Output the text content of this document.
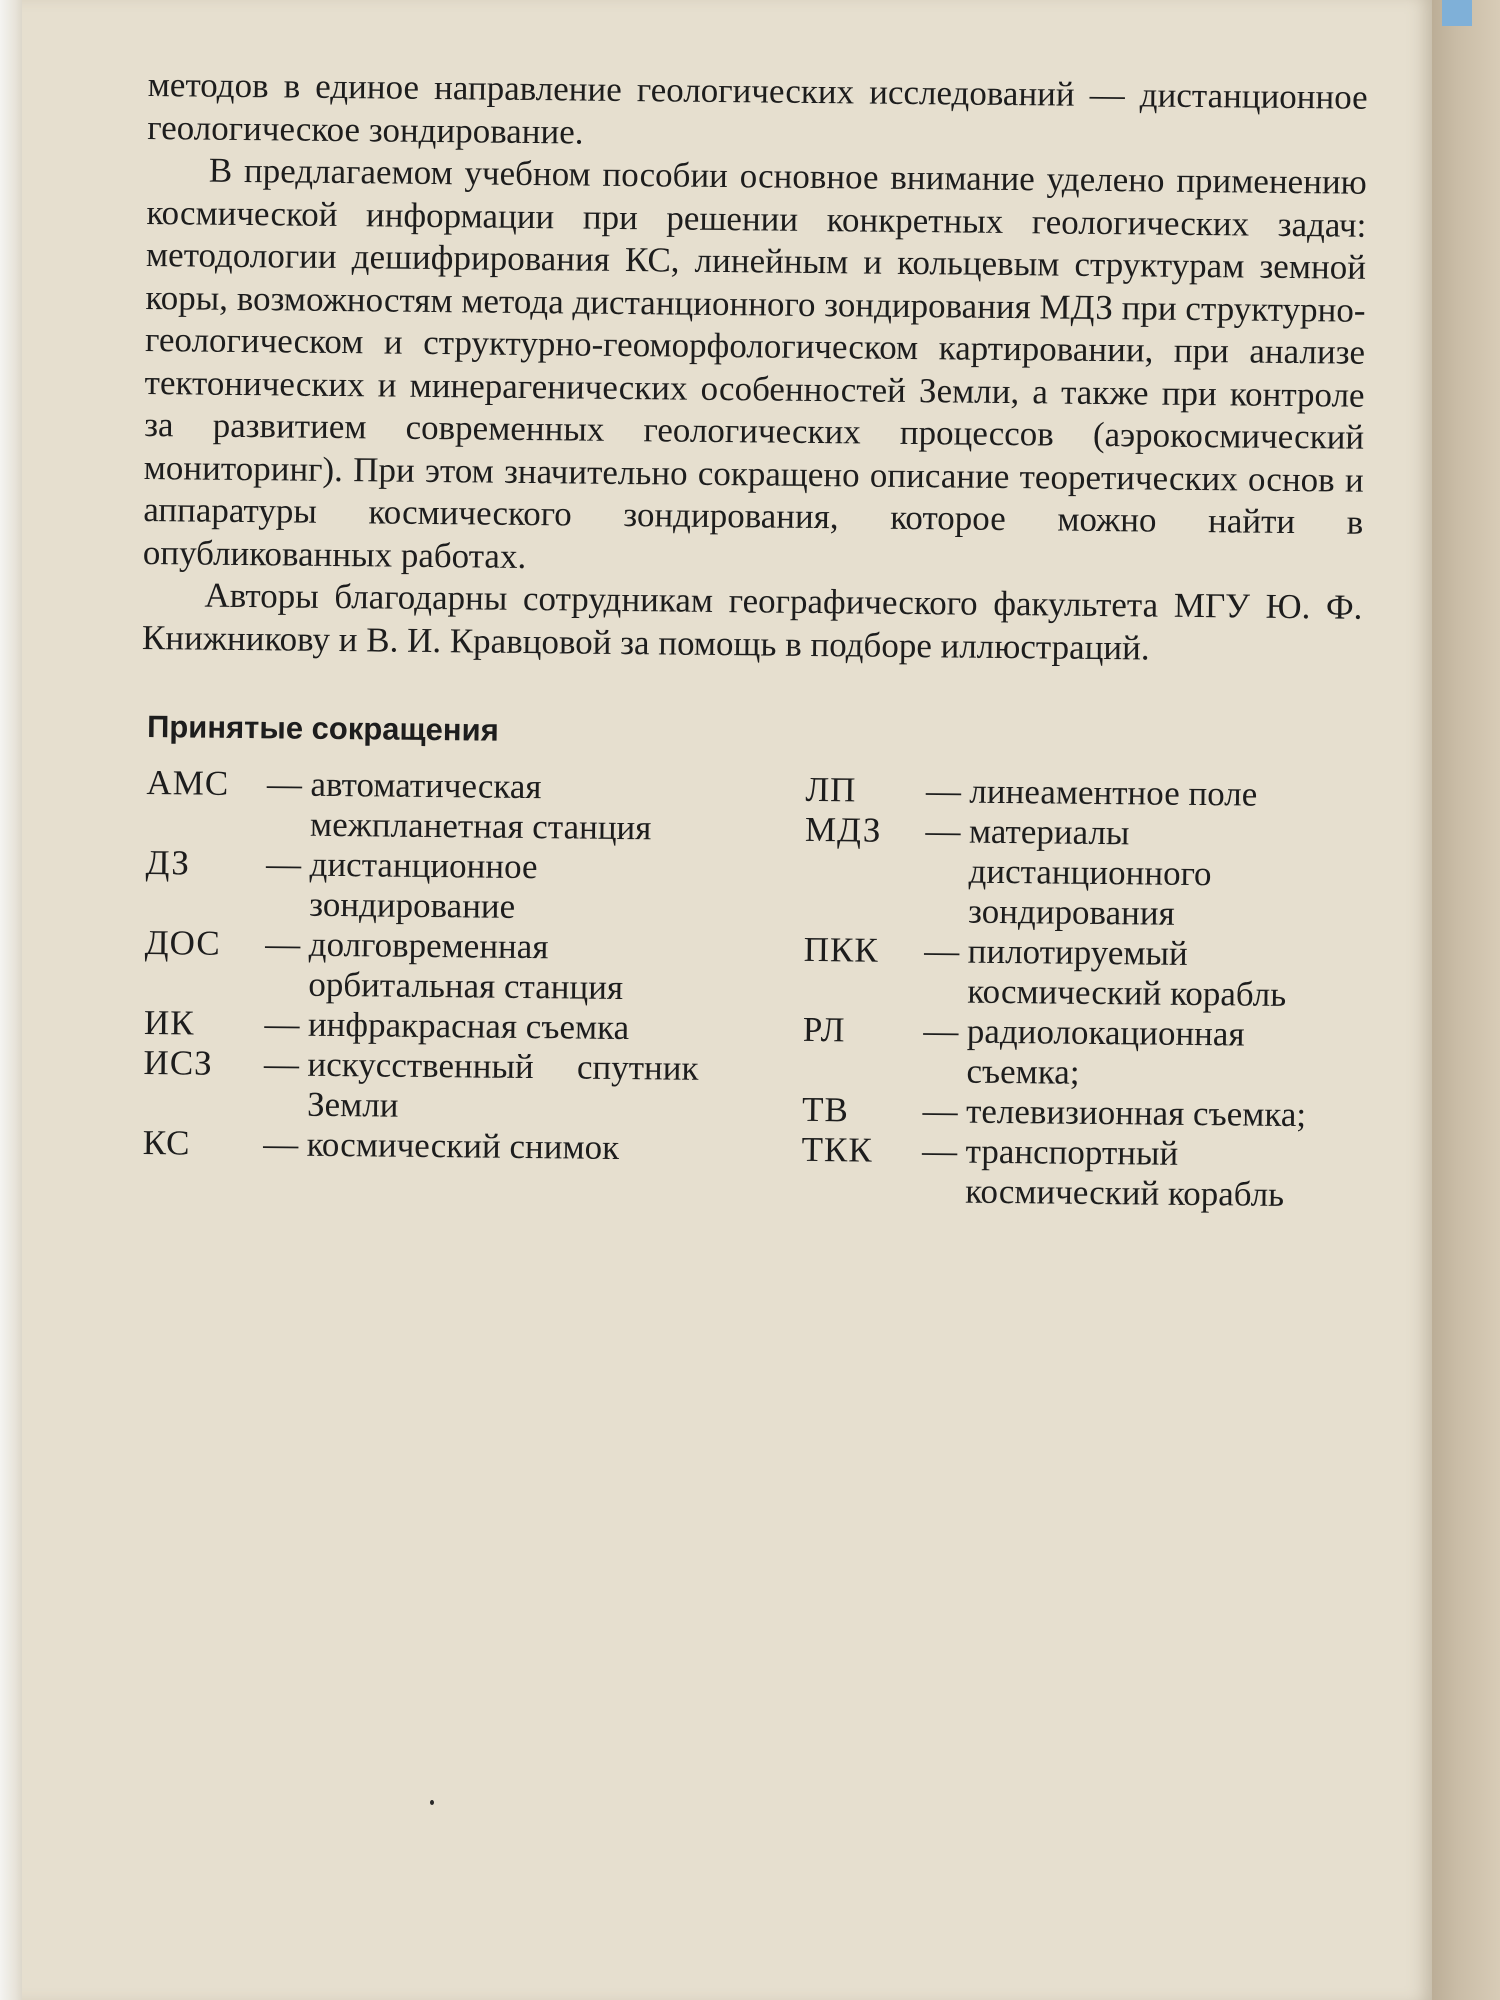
методов в единое направление геологических исследований — дистанционное геологическое зондирование.

В предлагаемом учебном пособии основное внимание уделено применению космической информации при решении конкретных геологических задач: методологии дешифрирования КС, линейным и кольцевым структурам земной коры, возможностям метода дистанционного зондирования МДЗ при структурно-геологическом и структурно-геоморфологическом картировании, при анализе тектонических и минерагенических особенностей Земли, а также при контроле за развитием современных геологических процессов (аэрокосмический мониторинг). При этом значительно сокращено описание теоретических основ и аппаратуры космического зондирования, которое можно найти в опубликованных работах.

Авторы благодарны сотрудникам географического факультета МГУ Ю. Ф. Книжникову и В. И. Кравцовой за помощь в подборе иллюстраций.

Принятые сокращения
АМС	— автоматическая межпланетная станция
ДЗ	— дистанционное зондирование
ДОС	— долговременная орбитальная станция
ИК	— инфракрасная съемка
ИСЗ	— искусственный спутник Земли
КС	— космический снимок
ЛП	— линеаментное поле
МДЗ	— материалы дистанционного зондирования
ПКК	— пилотируемый космический корабль
РЛ	— радиолокационная съемка;
ТВ	— телевизионная съемка;
ТКК	— транспортный космический корабль
